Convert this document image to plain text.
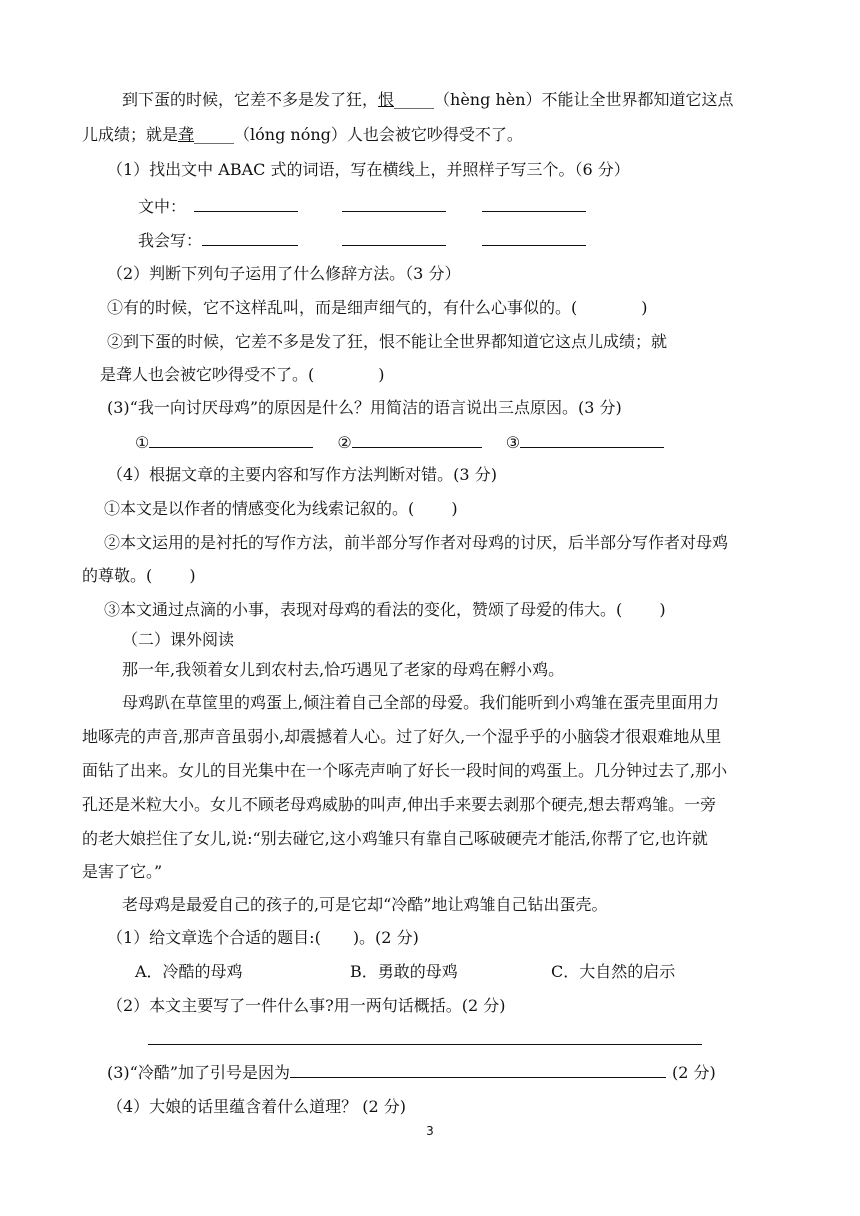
到下蛋的时候，它差不多是发了狂，恨_____（hèng hèn）不能让全世界都知道它这点
儿成绩；就是聋_____（lóng nóng）人也会被它吵得受不了。
（1）找出文中 ABAC 式的词语，写在横线上，并照样子写三个。（6 分）
文中：
我会写：
（2）判断下列句子运用了什么修辞方法。（3 分）
①有的时候，它不这样乱叫，而是细声细气的，有什么心事似的。(　　　　)
②到下蛋的时候，它差不多是发了狂，恨不能让全世界都知道它这点儿成绩；就
是聋人也会被它吵得受不了。(　　　　)
(3)“我一向讨厌母鸡”的原因是什么？用简洁的语言说出三点原因。(3 分)
①	②	③
（4）根据文章的主要内容和写作方法判断对错。(3 分)
①本文是以作者的情感变化为线索记叙的。(　　 )
②本文运用的是衬托的写作方法，前半部分写作者对母鸡的讨厌，后半部分写作者对母鸡
的尊敬。(　　 )
③本文通过点滴的小事，表现对母鸡的看法的变化，赞颂了母爱的伟大。(　　 )
（二）课外阅读
那一年,我领着女儿到农村去,恰巧遇见了老家的母鸡在孵小鸡。
母鸡趴在草筐里的鸡蛋上,倾注着自己全部的母爱。我们能听到小鸡雏在蛋壳里面用力
地啄壳的声音,那声音虽弱小,却震撼着人心。过了好久,一个湿乎乎的小脑袋才很艰难地从里
面钻了出来。女儿的目光集中在一个啄壳声响了好长一段时间的鸡蛋上。几分钟过去了,那小
孔还是米粒大小。女儿不顾老母鸡威胁的叫声,伸出手来要去剥那个硬壳,想去帮鸡雏。一旁
的老大娘拦住了女儿,说:“别去碰它,这小鸡雏只有靠自己啄破硬壳才能活,你帮了它,也许就
是害了它。”
老母鸡是最爱自己的孩子的,可是它却“冷酷”地让鸡雏自己钻出蛋壳。
（1）给文章选个合适的题目:(　　)。(2 分)
A．冷酷的母鸡	B．勇敢的母鸡	C．大自然的启示
（2）本文主要写了一件什么事?用一两句话概括。(2 分)
(3)“冷酷”加了引号是因为	(2 分)
（4）大娘的话里蕴含着什么道理？ (2 分)
3
